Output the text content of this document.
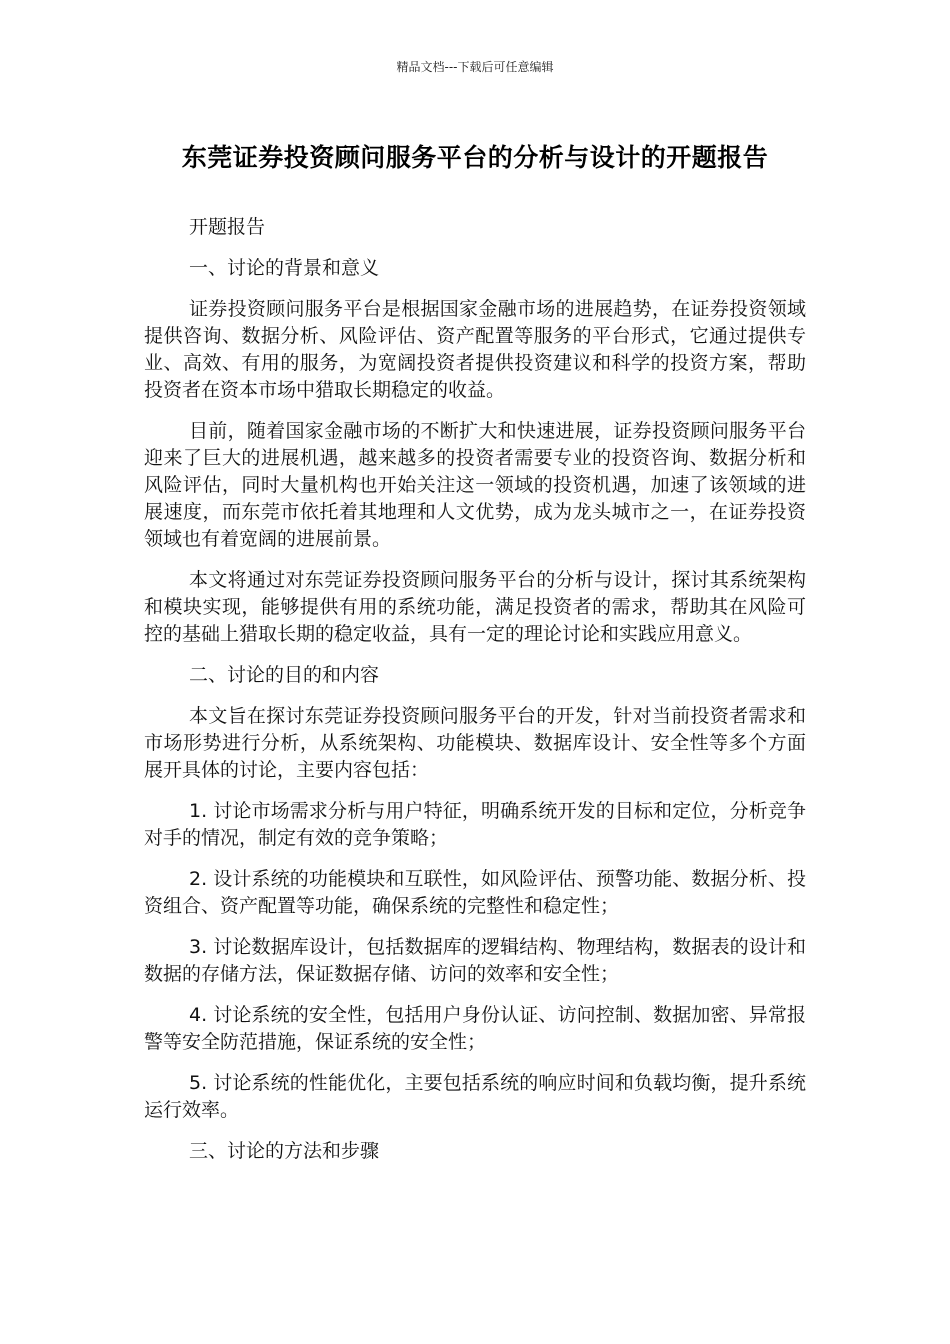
精品文档---下载后可任意编辑
东莞证券投资顾问服务平台的分析与设计的开题报告

开题报告

一、讨论的背景和意义

证券投资顾问服务平台是根据国家金融市场的进展趋势，在证券投资领域提供咨询、数据分析、风险评估、资产配置等服务的平台形式，它通过提供专业、高效、有用的服务，为宽阔投资者提供投资建议和科学的投资方案，帮助投资者在资本市场中猎取长期稳定的收益。

目前，随着国家金融市场的不断扩大和快速进展，证券投资顾问服务平台迎来了巨大的进展机遇，越来越多的投资者需要专业的投资咨询、数据分析和风险评估，同时大量机构也开始关注这一领域的投资机遇，加速了该领域的进展速度，而东莞市依托着其地理和人文优势，成为龙头城市之一，在证券投资领域也有着宽阔的进展前景。

本文将通过对东莞证券投资顾问服务平台的分析与设计，探讨其系统架构和模块实现，能够提供有用的系统功能，满足投资者的需求，帮助其在风险可控的基础上猎取长期的稳定收益，具有一定的理论讨论和实践应用意义。

二、讨论的目的和内容

本文旨在探讨东莞证券投资顾问服务平台的开发，针对当前投资者需求和市场形势进行分析，从系统架构、功能模块、数据库设计、安全性等多个方面展开具体的讨论，主要内容包括：

1. 讨论市场需求分析与用户特征，明确系统开发的目标和定位，分析竞争对手的情况，制定有效的竞争策略；

2. 设计系统的功能模块和互联性，如风险评估、预警功能、数据分析、投资组合、资产配置等功能，确保系统的完整性和稳定性；

3. 讨论数据库设计，包括数据库的逻辑结构、物理结构，数据表的设计和数据的存储方法，保证数据存储、访问的效率和安全性；

4. 讨论系统的安全性，包括用户身份认证、访问控制、数据加密、异常报警等安全防范措施，保证系统的安全性；

5. 讨论系统的性能优化，主要包括系统的响应时间和负载均衡，提升系统运行效率。

三、讨论的方法和步骤
